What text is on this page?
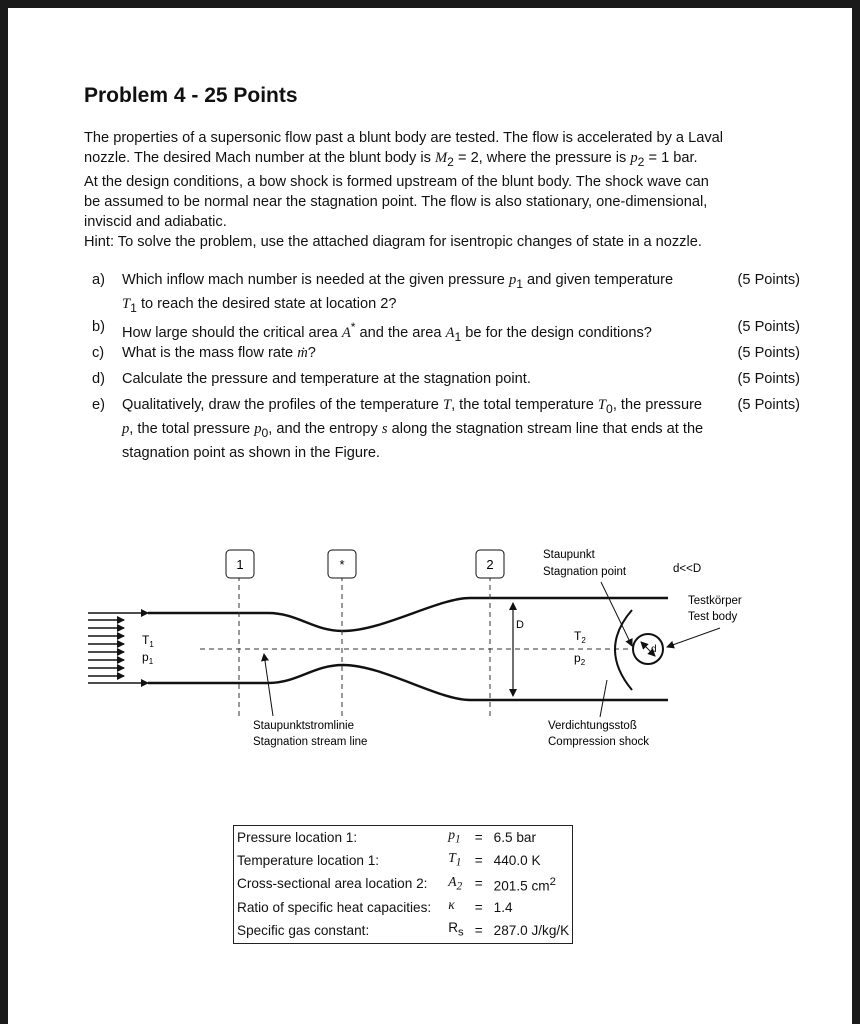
Problem 4 - 25 Points

The properties of a supersonic flow past a blunt body are tested. The flow is accelerated by a Laval

nozzle. The desired Mach number at the blunt body is $M_2 = 2$, where the pressure is $p_2 = 1$ bar.

At the design conditions, a bow shock is formed upstream of the blunt body. The shock wave can

be assumed to be normal near the stagnation point. The flow is also stationary, one-dimensional,

inviscid and adiabatic.

Hint: To solve the problem, use the attached diagram for isentropic changes of state in a nozzle.

a) Which inflow mach number is needed at the given pressure $p_1$ and given temperature
$T_1$ to reach the desired state at location 2?
(5 Points)
b) How large should the critical area A* and the area $A_1$ be for the design conditions?	(5 Points)
c) What is the mass flow rate ṁ?	(5 Points)
d) Calculate the pressure and temperature at the stagnation point.	(5 Points)
e) Qualitatively, draw the profiles of the temperature T, the total temperature $T_0$, the pressure p, the total pressure $p_0$, and the entropy s along the stagnation stream line that ends at the stagnation point as shown in the Figure.
(5 Points)
1	*	2
$T_1$
$p_1$
D
$T_2$
$p_2$
d
Staupunkt
Stagnation point	d<<D
Testkörper
Test body
Staupunktstromlinie
Stagnation stream line
Verdichtungsstoß
Compression shock
Pressure location 1:	$p_1$	=	6.5 bar
Temperature location 1:	$T_1$	=	440.0 K
Cross-sectional area location 2:	$A_2$	=	201.5 $cm^2$
Ratio of specific heat capacities:	κ	=	1.4
Specific gas constant:	$R_s$	=	287.0 J/kg/K
